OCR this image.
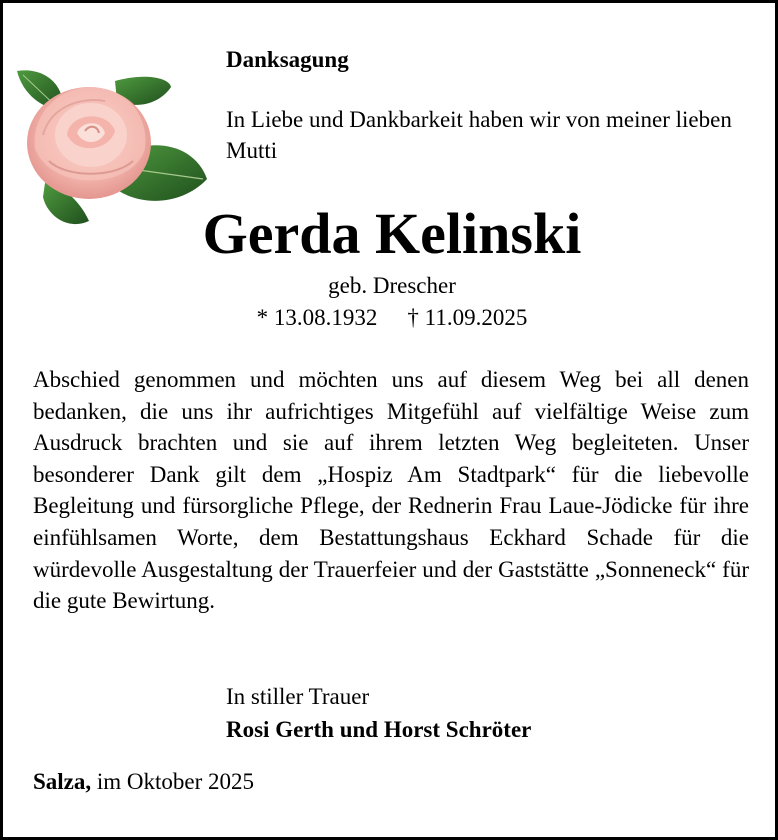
Danksagung
In Liebe und Dankbarkeit haben wir von meiner lieben Mutti
Gerda Kelinski
geb. Drescher
* 13.08.1932 † 11.09.2025
Abschied genommen und möchten uns auf diesem Weg bei all denen bedanken, die uns ihr aufrichtiges Mitgefühl auf vielfältige Weise zum Ausdruck brachten und sie auf ihrem letzten Weg begleiteten. Unser besonderer Dank gilt dem „Hospiz Am Stadtpark“ für die liebevolle Begleitung und fürsorgliche Pflege, der Rednerin Frau Laue-Jödicke für ihre einfühlsamen Worte, dem Bestattungshaus Eckhard Schade für die würdevolle Ausgestaltung der Trauerfeier und der Gaststätte „Sonneneck“ für die gute Bewirtung.
In stiller Trauer
Rosi Gerth und Horst Schröter
Salza, im Oktober 2025
